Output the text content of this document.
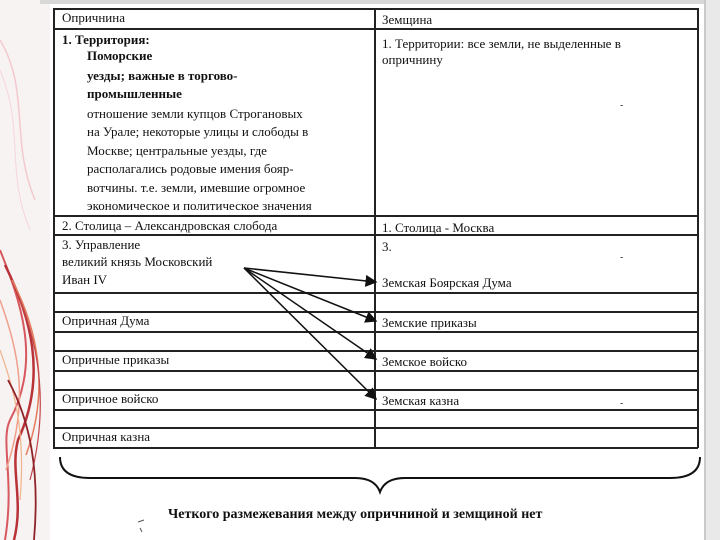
Опричнина
1. Территория:
Поморские
уезды; важные в торгово-
промышленные
отношение земли купцов Строгановых
на Урале; некоторые улицы и слободы в
Москве; центральные уезды, где
располагались родовые имения бояр-
вотчины. т.е. земли, имевшие огромное
экономическое и политическое значения
2. Столица – Александровская слобода
3. Управление
великий князь Московский
Иван IV
Опричная Дума
Опричные приказы
Опричное войско
Опричная казна
Земщина
1. Территории: все земли, не выделенные в
опричнину
1. Столица - Москва
3.
Земская Боярская Дума
Земские приказы
Земское войско
Земская казна
-
-
-
Четкого размежевания между опричниной и земщиной нет
